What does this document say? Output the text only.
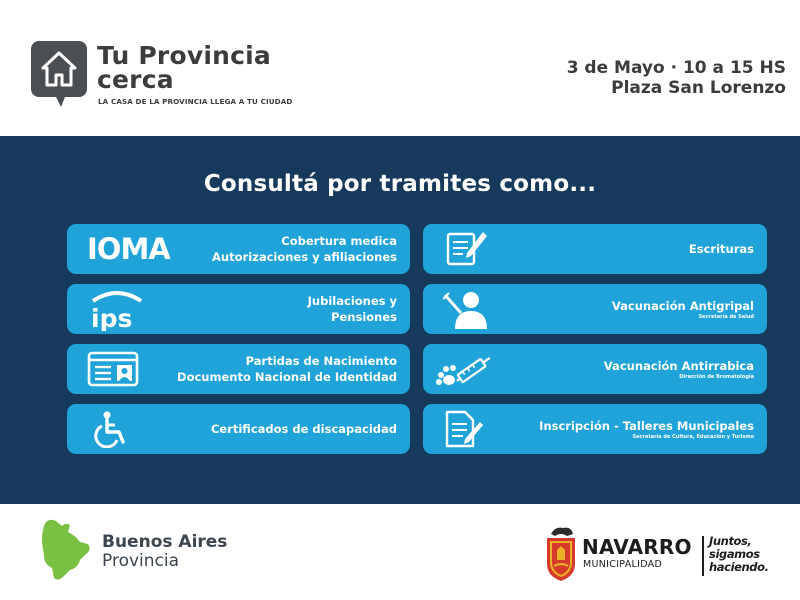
Tu Provincia
cerca
LA CASA DE LA PROVINCIA LLEGA A TU CIUDAD
3 de Mayo · 10 a 15 HS
Plaza San Lorenzo
Consultá por tramites como...
IOMA	Cobertura medica
Autorizaciones y afiliaciones
Escrituras
ips
Jubilaciones y
Pensiones
Vacunación Antigripal
Secretaría de Salud
Partidas de Nacimiento
Documento Nacional de Identidad
Vacunación Antirrabica
Dirección de Bromatología
Certificados de discapacidad	Inscripción - Talleres Municipales
Secretaría de Cultura, Educación y Turismo
Buenos Aires
Provincia
NAVARRO
MUNICIPALIDAD
Juntos,
sigamos
haciendo.
